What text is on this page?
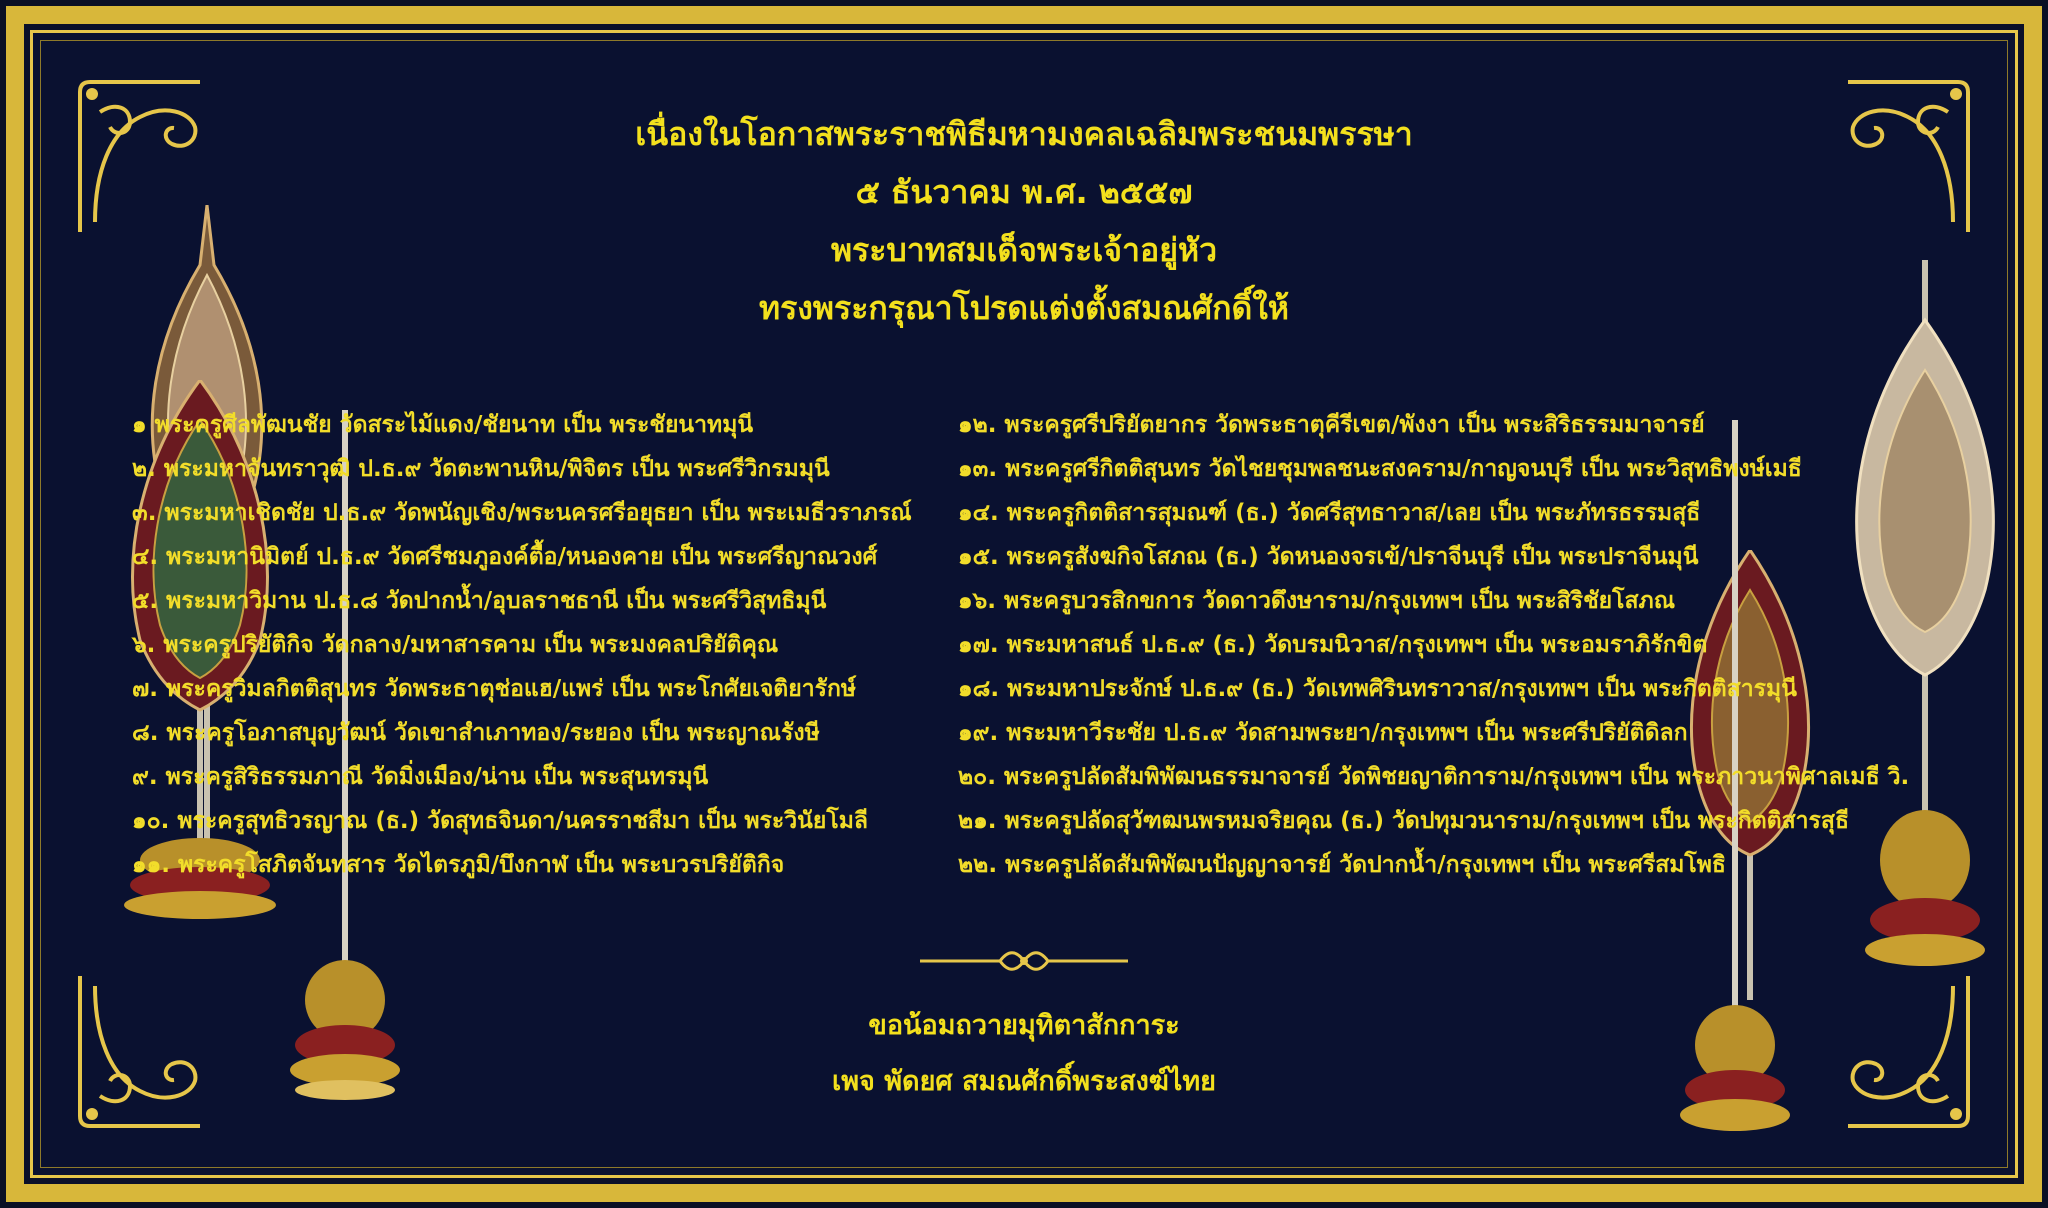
เนื่องในโอกาสพระราชพิธีมหามงคลเฉลิมพระชนมพรรษา
๕ ธันวาคม พ.ศ. ๒๕๕๗
พระบาทสมเด็จพระเจ้าอยู่หัว
ทรงพระกรุณาโปรดแต่งตั้งสมณศักดิ์ให้
๑ พระครูศีลพัฒนชัย วัดสระไม้แดง/ชัยนาท เป็น พระชัยนาทมุนี
๒. พระมหาจันทราวุฒิ ป.ธ.๙ วัดตะพานหิน/พิจิตร เป็น พระศรีวิกรมมุนี
๓. พระมหาเชิดชัย ป.ธ.๙ วัดพนัญเชิง/พระนครศรีอยุธยา เป็น พระเมธีวราภรณ์
๔. พระมหานิมิตย์ ป.ธ.๙ วัดศรีชมภูองค์ตื้อ/หนองคาย เป็น พระศรีญาณวงศ์
๕. พระมหาวิมาน ป.ธ.๘ วัดปากน้ำ/อุบลราชธานี เป็น พระศรีวิสุทธิมุนี
๖. พระครูปริยัติกิจ วัดกลาง/มหาสารคาม เป็น พระมงคลปริยัติคุณ
๗. พระครูวิมลกิตติสุนทร วัดพระธาตุช่อแฮ/แพร่ เป็น พระโกศัยเจติยารักษ์
๘. พระครูโอภาสบุญวัฒน์ วัดเขาสำเภาทอง/ระยอง เป็น พระญาณรังษี
๙. พระครูสิริธรรมภาณี วัดมิ่งเมือง/น่าน เป็น พระสุนทรมุนี
๑๐. พระครูสุทธิวรญาณ (ธ.) วัดสุทธจินดา/นครราชสีมา เป็น พระวินัยโมลี
๑๑. พระครูโสภิตจันทสาร วัดไตรภูมิ/บึงกาฬ เป็น พระบวรปริยัติกิจ
๑๒. พระครูศรีปริยัตยากร วัดพระธาตุคีรีเขต/พังงา เป็น พระสิริธรรมมาจารย์
๑๓. พระครูศรีกิตติสุนทร วัดไชยชุมพลชนะสงคราม/กาญจนบุรี เป็น พระวิสุทธิพงษ์เมธี
๑๔. พระครูกิตติสารสุมณฑ์ (ธ.) วัดศรีสุทธาวาส/เลย เป็น พระภัทรธรรมสุธี
๑๕. พระครูสังฆกิจโสภณ (ธ.) วัดหนองจรเข้/ปราจีนบุรี เป็น พระปราจีนมุนี
๑๖. พระครูบวรสิกขการ วัดดาวดึงษาราม/กรุงเทพฯ เป็น พระสิริชัยโสภณ
๑๗. พระมหาสนธ์ ป.ธ.๙ (ธ.) วัดบรมนิวาส/กรุงเทพฯ เป็น พระอมราภิรักขิต
๑๘. พระมหาประจักษ์ ป.ธ.๙ (ธ.) วัดเทพศิรินทราวาส/กรุงเทพฯ เป็น พระกิตติสารมุนี
๑๙. พระมหาวีระชัย ป.ธ.๙ วัดสามพระยา/กรุงเทพฯ เป็น พระศรีปริยัติดิลก
๒๐. พระครูปลัดสัมพิพัฒนธรรมาจารย์ วัดพิชยญาติการาม/กรุงเทพฯ เป็น พระภาวนาพิศาลเมธี วิ.
๒๑. พระครูปลัดสุวัฑฒนพรหมจริยคุณ (ธ.) วัดปทุมวนาราม/กรุงเทพฯ เป็น พระกิตติสารสุธี
๒๒. พระครูปลัดสัมพิพัฒนปัญญาจารย์ วัดปากน้ำ/กรุงเทพฯ เป็น พระศรีสมโพธิ
ขอน้อมถวายมุทิตาสักการะ
เพจ พัดยศ สมณศักดิ์พระสงฆ์ไทย
